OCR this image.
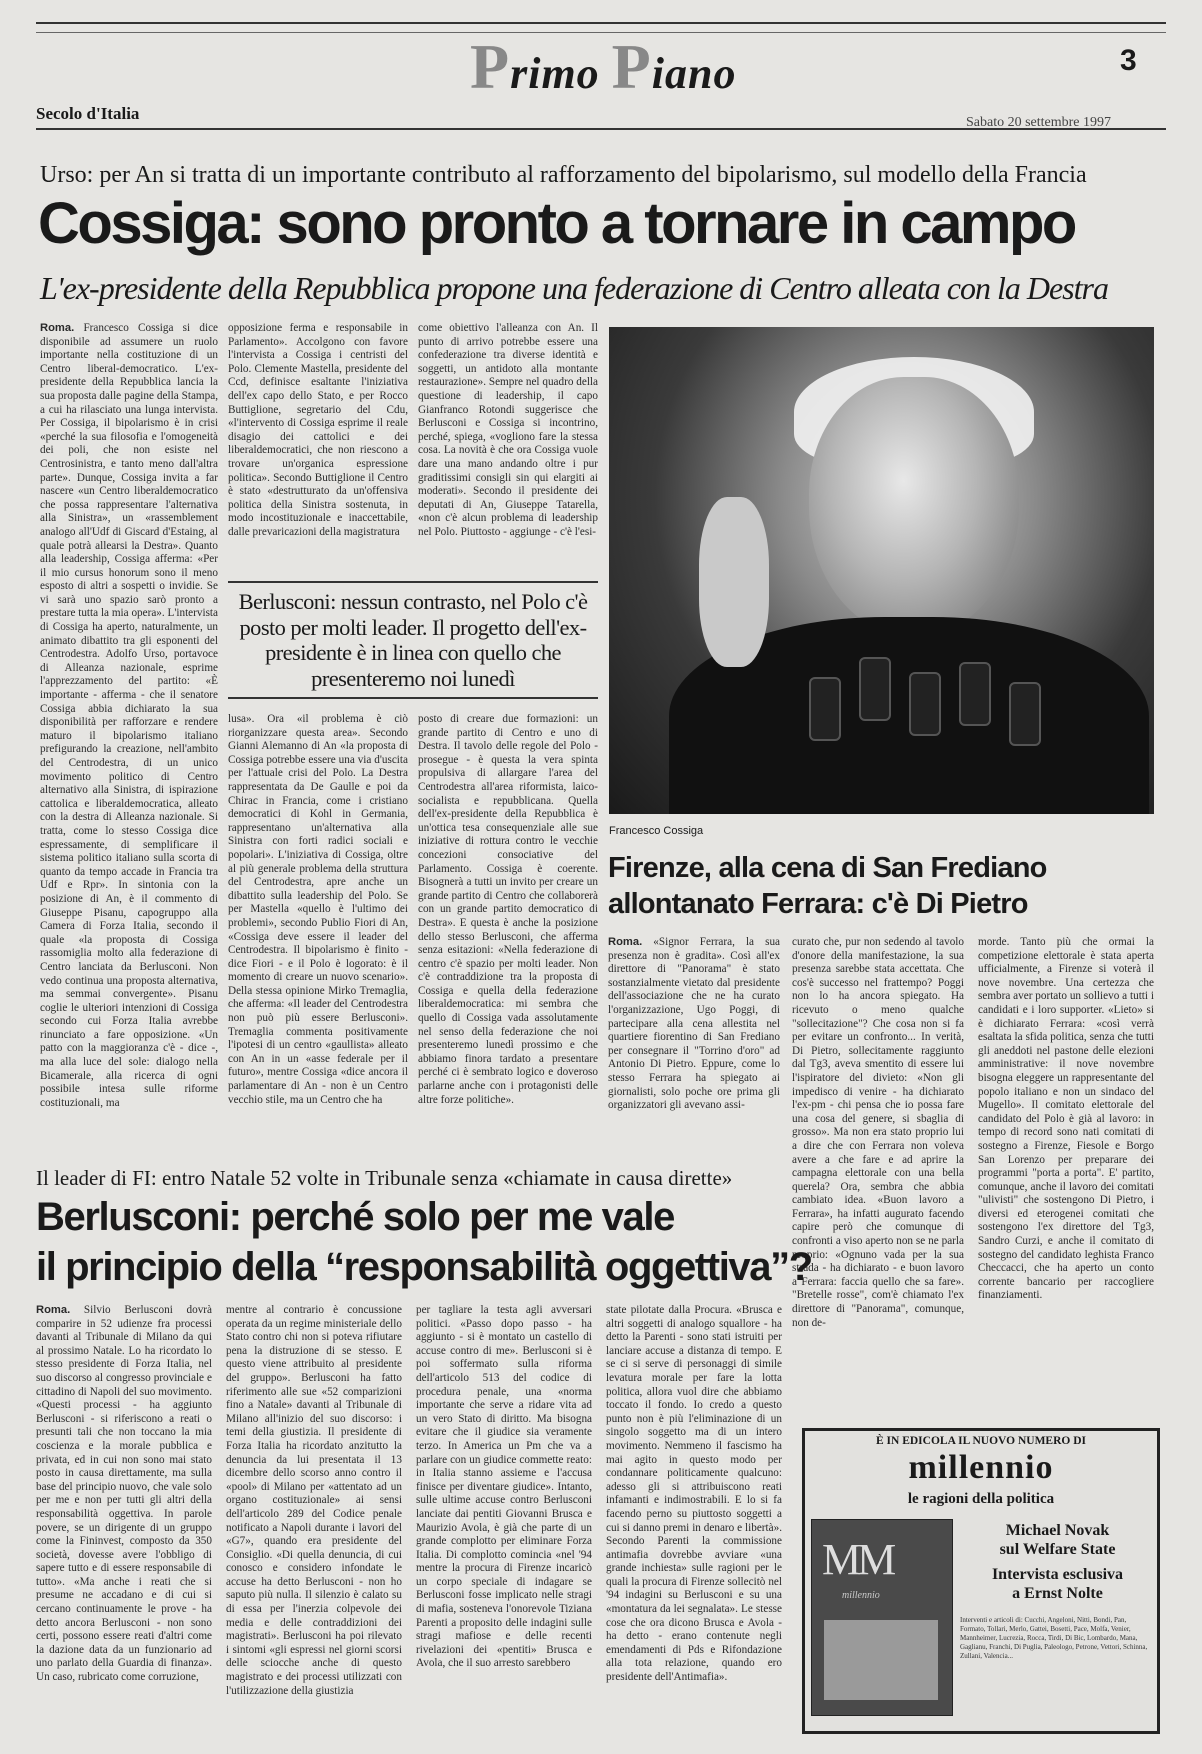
Primo Piano	3
Secolo d'Italia	Sabato 20 settembre 1997
Urso: per An si tratta di un importante contributo al rafforzamento del bipolarismo, sul modello della Francia
Cossiga: sono pronto a tornare in campo
L'ex-presidente della Repubblica propone una federazione di Centro alleata con la Destra
Roma. Francesco Cossiga si dice disponibile ad assumere un ruolo importante nella costituzione di un Centro liberal-democratico. L'ex-presidente della Repubblica lancia la sua proposta dalle pagine della Stampa, a cui ha rilasciato una lunga intervista. Per Cossiga, il bipolarismo è in crisi «perché la sua filosofia e l'omogeneità dei poli, che non esiste nel Centrosinistra, e tanto meno dall'altra parte». Dunque, Cossiga invita a far nascere «un Centro liberaldemocratico che possa rappresentare l'alternativa alla Sinistra», un «rassemblement analogo all'Udf di Giscard d'Estaing, al quale potrà allearsi la Destra». Quanto alla leadership, Cossiga afferma: «Per il mio cursus honorum sono il meno esposto di altri a sospetti o invidie. Se vi sarà uno spazio sarò pronto a prestare tutta la mia opera». L'intervista di Cossiga ha aperto, naturalmente, un animato dibattito tra gli esponenti del Centrodestra. Adolfo Urso, portavoce di Alleanza nazionale, esprime l'apprezzamento del partito: «È importante - afferma - che il senatore Cossiga abbia dichiarato la sua disponibilità per rafforzare e rendere maturo il bipolarismo italiano prefigurando la creazione, nell'ambito del Centrodestra, di un unico movimento politico di Centro alternativo alla Sinistra, di ispirazione cattolica e liberaldemocratica, alleato con la destra di Alleanza nazionale. Si tratta, come lo stesso Cossiga dice espressamente, di semplificare il sistema politico italiano sulla scorta di quanto da tempo accade in Francia tra Udf e Rpr». In sintonia con la posizione di An, è il commento di Giuseppe Pisanu, capogruppo alla Camera di Forza Italia, secondo il quale «la proposta di Cossiga rassomiglia molto alla federazione di Centro lanciata da Berlusconi. Non vedo continua una proposta alternativa, ma semmai convergente». Pisanu coglie le ulteriori intenzioni di Cossiga secondo cui Forza Italia avrebbe rinunciato a fare opposizione. «Un patto con la maggioranza c'è - dice -, ma alla luce del sole: dialogo nella Bicamerale, alla ricerca di ogni possibile intesa sulle riforme costituzionali, ma
opposizione ferma e responsabile in Parlamento». Accolgono con favore l'intervista a Cossiga i centristi del Polo. Clemente Mastella, presidente del Ccd, definisce esaltante l'iniziativa dell'ex capo dello Stato, e per Rocco Buttiglione, segretario del Cdu, «l'intervento di Cossiga esprime il reale disagio dei cattolici e dei liberaldemocratici, che non riescono a trovare un'organica espressione politica». Secondo Buttiglione il Centro è stato «destrutturato da un'offensiva politica della Sinistra sostenuta, in modo incostituzionale e inaccettabile, dalle prevaricazioni della magistratura
come obiettivo l'alleanza con An. Il punto di arrivo potrebbe essere una confederazione tra diverse identità e soggetti, un antidoto alla montante restaurazione». Sempre nel quadro della questione di leadership, il capo Gianfranco Rotondi suggerisce che Berlusconi e Cossiga si incontrino, perché, spiega, «vogliono fare la stessa cosa. La novità è che ora Cossiga vuole dare una mano andando oltre i pur graditissimi consigli sin qui elargiti ai moderati». Secondo il presidente dei deputati di An, Giuseppe Tatarella, «non c'è alcun problema di leadership nel Polo. Piuttosto - aggiunge - c'è l'esi-
Berlusconi: nessun contrasto, nel Polo c'è posto per molti leader. Il progetto dell'ex-presidente è in linea con quello che presenteremo noi lunedì
lusa». Ora «il problema è ciò riorganizzare questa area». Secondo Gianni Alemanno di An «la proposta di Cossiga potrebbe essere una via d'uscita per l'attuale crisi del Polo. La Destra rappresentata da De Gaulle e poi da Chirac in Francia, come i cristiano democratici di Kohl in Germania, rappresentano un'alternativa alla Sinistra con forti radici sociali e popolari». L'iniziativa di Cossiga, oltre al più generale problema della struttura del Centrodestra, apre anche un dibattito sulla leadership del Polo. Se per Mastella «quello è l'ultimo dei problemi», secondo Publio Fiori di An, «Cossiga deve essere il leader del Centrodestra. Il bipolarismo è finito - dice Fiori - e il Polo è logorato: è il momento di creare un nuovo scenario». Della stessa opinione Mirko Tremaglia, che afferma: «Il leader del Centrodestra non può più essere Berlusconi». Tremaglia commenta positivamente l'ipotesi di un centro «gaullista» alleato con An in un «asse federale per il futuro», mentre Cossiga «dice ancora il parlamentare di An - non è un Centro vecchio stile, ma un Centro che ha
posto di creare due formazioni: un grande partito di Centro e uno di Destra. Il tavolo delle regole del Polo - prosegue - è questa la vera spinta propulsiva di allargare l'area del Centrodestra all'area riformista, laico-socialista e repubblicana. Quella dell'ex-presidente della Repubblica è un'ottica tesa consequenziale alle sue iniziative di rottura contro le vecchie concezioni consociative del Parlamento. Cossiga è coerente. Bisognerà a tutti un invito per creare un grande partito di Centro che collaborerà con un grande partito democratico di Destra». E questa è anche la posizione dello stesso Berlusconi, che afferma senza esitazioni: «Nella federazione di centro c'è spazio per molti leader. Non c'è contraddizione tra la proposta di Cossiga e quella della federazione liberaldemocratica: mi sembra che quello di Cossiga vada assolutamente nel senso della federazione che noi presenteremo lunedì prossimo e che abbiamo finora tardato a presentare perché ci è sembrato logico e doveroso parlarne anche con i protagonisti delle altre forze politiche».
Francesco Cossiga
Firenze, alla cena di San Frediano
allontanato Ferrara: c'è Di Pietro
Roma. «Signor Ferrara, la sua presenza non è gradita». Così all'ex direttore di "Panorama" è stato sostanzialmente vietato dal presidente dell'associazione che ne ha curato l'organizzazione, Ugo Poggi, di partecipare alla cena allestita nel quartiere fiorentino di San Frediano per consegnare il "Torrino d'oro" ad Antonio Di Pietro. Eppure, come lo stesso Ferrara ha spiegato ai giornalisti, solo poche ore prima gli organizzatori gli avevano assi-
curato che, pur non sedendo al tavolo d'onore della manifestazione, la sua presenza sarebbe stata accettata. Che cos'è successo nel frattempo? Poggi non lo ha ancora spiegato. Ha ricevuto o meno qualche "sollecitazione"? Che cosa non si fa per evitare un confronto... In verità, Di Pietro, sollecitamente raggiunto dal Tg3, aveva smentito di essere lui l'ispiratore del divieto: «Non gli impedisco di venire - ha dichiarato l'ex-pm - chi pensa che io possa fare una cosa del genere, si sbaglia di grosso». Ma non era stato proprio lui a dire che con Ferrara non voleva avere a che fare e ad aprire la campagna elettorale con una bella querela? Ora, sembra che abbia cambiato idea. «Buon lavoro a Ferrara», ha infatti augurato facendo capire però che comunque di confronti a viso aperto non se ne parla proprio: «Ognuno vada per la sua strada - ha dichiarato - e buon lavoro a Ferrara: faccia quello che sa fare». "Bretelle rosse", com'è chiamato l'ex direttore di "Panorama", comunque, non de-
morde. Tanto più che ormai la competizione elettorale è stata aperta ufficialmente, a Firenze si voterà il nove novembre. Una certezza che sembra aver portato un sollievo a tutti i candidati e i loro supporter. «Lieto» si è dichiarato Ferrara: «così verrà esaltata la sfida politica, senza che tutti gli aneddoti nel pastone delle elezioni amministrative: il nove novembre bisogna eleggere un rappresentante del popolo italiano e non un sindaco del Mugello». Il comitato elettorale del candidato del Polo è già al lavoro: in tempo di record sono nati comitati di sostegno a Firenze, Fiesole e Borgo San Lorenzo per preparare dei programmi "porta a porta". E' partito, comunque, anche il lavoro dei comitati "ulivisti" che sostengono Di Pietro, i diversi ed eterogenei comitati che sostengono l'ex direttore del Tg3, Sandro Curzi, e anche il comitato di sostegno del candidato leghista Franco Checcacci, che ha aperto un conto corrente bancario per raccogliere finanziamenti.
Il leader di FI: entro Natale 52 volte in Tribunale senza «chiamate in causa dirette»
Berlusconi: perché solo per me vale
il principio della “responsabilità oggettiva”?
Roma. Silvio Berlusconi dovrà comparire in 52 udienze fra processi davanti al Tribunale di Milano da qui al prossimo Natale. Lo ha ricordato lo stesso presidente di Forza Italia, nel suo discorso al congresso provinciale e cittadino di Napoli del suo movimento. «Questi processi - ha aggiunto Berlusconi - si riferiscono a reati o presunti tali che non toccano la mia coscienza e la morale pubblica e privata, ed in cui non sono mai stato posto in causa direttamente, ma sulla base del principio nuovo, che vale solo per me e non per tutti gli altri della responsabilità oggettiva. In parole povere, se un dirigente di un gruppo come la Fininvest, composto da 350 società, dovesse avere l'obbligo di sapere tutto e di essere responsabile di tutto». «Ma anche i reati che si presume ne accadano e di cui si cercano continuamente le prove - ha detto ancora Berlusconi - non sono certi, possono essere reati d'altri come la dazione data da un funzionario ad uno parlato della Guardia di finanza». Un caso, rubricato come corruzione,
mentre al contrario è concussione operata da un regime ministeriale dello Stato contro chi non si poteva rifiutare pena la distruzione di se stesso. E questo viene attribuito al presidente del gruppo». Berlusconi ha fatto riferimento alle sue «52 comparizioni fino a Natale» davanti al Tribunale di Milano all'inizio del suo discorso: i temi della giustizia. Il presidente di Forza Italia ha ricordato anzitutto la denuncia da lui presentata il 13 dicembre dello scorso anno contro il «pool» di Milano per «attentato ad un organo costituzionale» ai sensi dell'articolo 289 del Codice penale notificato a Napoli durante i lavori del «G7», quando era presidente del Consiglio. «Di quella denuncia, di cui conosco e considero infondate le accuse ha detto Berlusconi - non ho saputo più nulla. Il silenzio è calato su di essa per l'inerzia colpevole dei media e delle contraddizioni dei magistrati». Berlusconi ha poi rilevato i sintomi «gli espressi nel giorni scorsi delle sciocche anche di questo magistrato e dei processi utilizzati con l'utilizzazione della giustizia
per tagliare la testa agli avversari politici. «Passo dopo passo - ha aggiunto - si è montato un castello di accuse contro di me». Berlusconi si è poi soffermato sulla riforma dell'articolo 513 del codice di procedura penale, una «norma importante che serve a ridare vita ad un vero Stato di diritto. Ma bisogna evitare che il giudice sia veramente terzo. In America un Pm che va a parlare con un giudice commette reato: in Italia stanno assieme e l'accusa finisce per diventare giudice». Intanto, sulle ultime accuse contro Berlusconi lanciate dai pentiti Giovanni Brusca e Maurizio Avola, è già che parte di un grande complotto per eliminare Forza Italia. Di complotto comincia «nel '94 mentre la procura di Firenze incaricò un corpo speciale di indagare se Berlusconi fosse implicato nelle stragi di mafia, sosteneva l'onorevole Tiziana Parenti a proposito delle indagini sulle stragi mafiose e delle recenti rivelazioni dei «pentiti» Brusca e Avola, che il suo arresto sarebbero
state pilotate dalla Procura. «Brusca e altri soggetti di analogo squallore - ha detto la Parenti - sono stati istruiti per lanciare accuse a distanza di tempo. E se ci si serve di personaggi di simile levatura morale per fare la lotta politica, allora vuol dire che abbiamo toccato il fondo. Io credo a questo punto non è più l'eliminazione di un singolo soggetto ma di un intero movimento. Nemmeno il fascismo ha mai agito in questo modo per condannare politicamente qualcuno: adesso gli si attribuiscono reati infamanti e indimostrabili. E lo si fa facendo perno su piuttosto soggetti a cui si danno premi in denaro e libertà». Secondo Parenti la commissione antimafia dovrebbe avviare «una grande inchiesta» sulle ragioni per le quali la procura di Firenze sollecitò nel '94 indagini su Berlusconi e su una «montatura da lei segnalata». Le stesse cose che ora dicono Brusca e Avola - ha detto - erano contenute negli emendamenti di Pds e Rifondazione alla tota relazione, quando ero presidente dell'Antimafia».
È IN EDICOLA IL NUOVO NUMERO DI
millennio
le ragioni della politica
MM
millennio
Michael Novak
sul Welfare State
Intervista esclusiva
a Ernst Nolte
Interventi e articoli di: Cucchi, Angeloni, Nitti, Bondi, Pan, Formato, Tollari, Merlo, Gattei, Bosetti, Pace, Molfa, Venier, Mannheimer, Lucrezia, Rocca, Tirdi, Di Bic, Lombardo, Mana, Gaglianu, Franchi, Di Puglia, Paleologo, Petrone, Vettori, Schinna, Zullani, Valencia...
